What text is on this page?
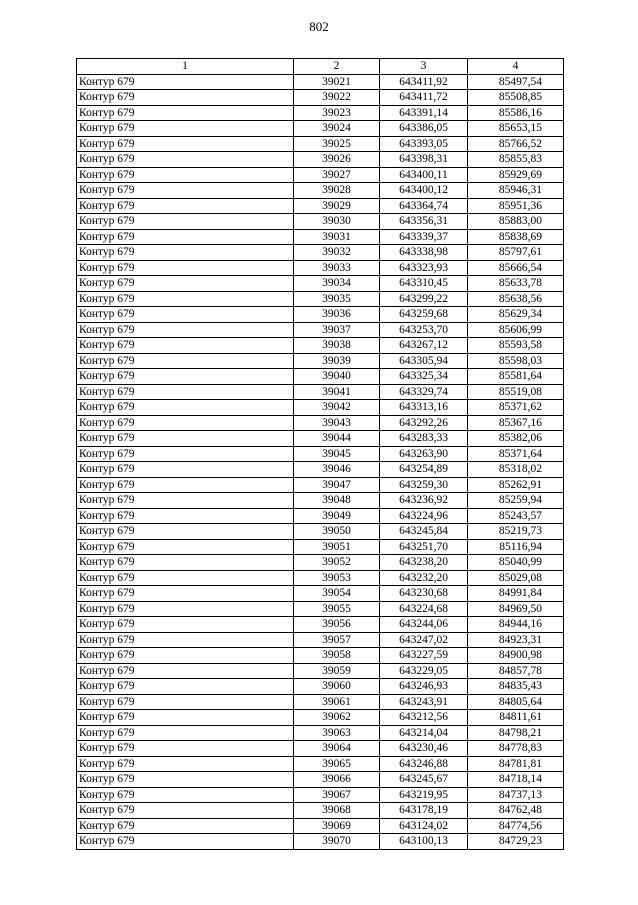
802
1	2	3	4
Контур 679	39021	643411,92	85497,54
Контур 679	39022	643411,72	85508,85
Контур 679	39023	643391,14	85586,16
Контур 679	39024	643386,05	85653,15
Контур 679	39025	643393,05	85766,52
Контур 679	39026	643398,31	85855,83
Контур 679	39027	643400,11	85929,69
Контур 679	39028	643400,12	85946,31
Контур 679	39029	643364,74	85951,36
Контур 679	39030	643356,31	85883,00
Контур 679	39031	643339,37	85838,69
Контур 679	39032	643338,98	85797,61
Контур 679	39033	643323,93	85666,54
Контур 679	39034	643310,45	85633,78
Контур 679	39035	643299,22	85638,56
Контур 679	39036	643259,68	85629,34
Контур 679	39037	643253,70	85606,99
Контур 679	39038	643267,12	85593,58
Контур 679	39039	643305,94	85598,03
Контур 679	39040	643325,34	85581,64
Контур 679	39041	643329,74	85519,08
Контур 679	39042	643313,16	85371,62
Контур 679	39043	643292,26	85367,16
Контур 679	39044	643283,33	85382,06
Контур 679	39045	643263,90	85371,64
Контур 679	39046	643254,89	85318,02
Контур 679	39047	643259,30	85262,91
Контур 679	39048	643236,92	85259,94
Контур 679	39049	643224,96	85243,57
Контур 679	39050	643245,84	85219,73
Контур 679	39051	643251,70	85116,94
Контур 679	39052	643238,20	85040,99
Контур 679	39053	643232,20	85029,08
Контур 679	39054	643230,68	84991,84
Контур 679	39055	643224,68	84969,50
Контур 679	39056	643244,06	84944,16
Контур 679	39057	643247,02	84923,31
Контур 679	39058	643227,59	84900,98
Контур 679	39059	643229,05	84857,78
Контур 679	39060	643246,93	84835,43
Контур 679	39061	643243,91	84805,64
Контур 679	39062	643212,56	84811,61
Контур 679	39063	643214,04	84798,21
Контур 679	39064	643230,46	84778,83
Контур 679	39065	643246,88	84781,81
Контур 679	39066	643245,67	84718,14
Контур 679	39067	643219,95	84737,13
Контур 679	39068	643178,19	84762,48
Контур 679	39069	643124,02	84774,56
Контур 679	39070	643100,13	84729,23
